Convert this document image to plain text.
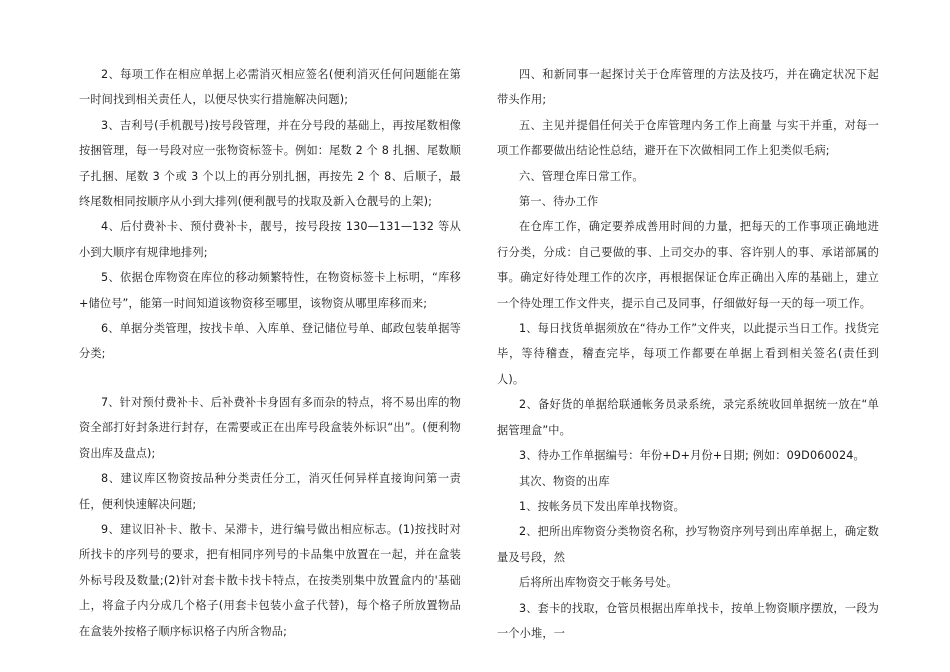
2、每项工作在相应单据上必需消灭相应签名(便利消灭任何问题能在第一时间找到相关责任人，以便尽快实行措施解决问题);

3、吉利号(手机靓号)按号段管理，并在分号段的基础上，再按尾数相像按捆管理，每一号段对应一张物资标签卡。例如：尾数 2 个 8 扎捆、尾数顺子扎捆、尾数 3 个或 3 个以上的再分别扎捆，再按先 2 个 8、后顺子，最终尾数相同按顺序从小到大排列(便利靓号的找取及新入仓靓号的上架);

4、后付费补卡、预付费补卡，靓号，按号段按 130—131—132 等从小到大顺序有规律地排列;

5、依据仓库物资在库位的移动频繁特性，在物资标签卡上标明，“库移+储位号”，能第一时间知道该物资移至哪里，该物资从哪里库移而来;

6、单据分类管理，按找卡单、入库单、登记储位号单、邮政包装单据等分类;

7、针对预付费补卡、后补费补卡身固有多而杂的特点，将不易出库的物资全部打好封条进行封存，在需要或正在出库号段盒装外标识“出”。(便利物资出库及盘点);

8、建议库区物资按品种分类责任分工，消灭任何异样直接询问第一责任，便利快速解决问题;

9、建议旧补卡、散卡、呆滞卡，进行编号做出相应标志。(1)按找时对所找卡的序列号的要求，把有相同序列号的卡品集中放置在一起，并在盒装外标号段及数量;(2)针对套卡散卡找卡特点，在按类别集中放置盒内的'基础上，将盒子内分成几个格子(用套卡包装小盒子代替)，每个格子所放置物品在盒装外按格子顺序标识格子内所含物品;

四、和新同事一起探讨关于仓库管理的方法及技巧，并在确定状况下起带头作用;

五、主见并提倡任何关于仓库管理内务工作上商量 与实干并重，对每一项工作都要做出结论性总结，避开在下次做相同工作上犯类似毛病;

六、管理仓库日常工作。

第一、待办工作

在仓库工作，确定要养成善用时间的力量，把每天的工作事项正确地进行分类，分成：自己要做的事、上司交办的事、容许别人的事、承诺部属的事。确定好待处理工作的次序，再根据保证仓库正确出入库的基础上，建立一个待处理工作文件夹，提示自己及同事，仔细做好每一天的每一项工作。

1、每日找货单据须放在“待办工作”文件夹，以此提示当日工作。找货完毕，等待稽查，稽查完毕，每项工作都要在单据上看到相关签名(责任到人)。

2、备好货的单据给联通帐务员录系统，录完系统收回单据统一放在“单据管理盒”中。

3、待办工作单据编号：年份+D+月份+日期; 例如：09D060024。

其次、物资的出库

1、按帐务员下发出库单找物资。

2、把所出库物资分类物资名称，抄写物资序列号到出库单据上，确定数量及号段，然

后将所出库物资交于帐务号处。

3、套卡的找取，仓管员根据出库单找卡，按单上物资顺序摆放，一段为一个小堆，一
